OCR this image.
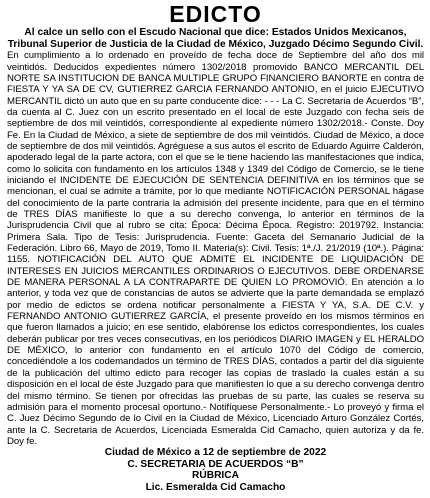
EDICTO

Al calce un sello con el Escudo Nacional que dice: Estados Unidos Mexicanos, Tribunal Superior de Justicia de la Ciudad de México, Juzgado Décimo Segundo Civil.

En cumplimiento a lo ordenado en proveído de fecha doce de Septiembre del año dos mil veintidós. Deducidos expedientes número 1302/2018 promovido BANCO MERCANTIL DEL NORTE SA INSTITUCION DE BANCA MULTIPLE GRUPO FINANCIERO BANORTE en contra de FIESTA Y YA SA DE CV, GUTIERREZ GARCIA FERNANDO ANTONIO, en el juicio EJECUTIVO MERCANTIL dictó un auto que en su parte conducente dice: - - - La C. Secretaria de Acuerdos “B”, da cuenta al C. Juez con un escrito presentado en el local de este Juzgado con fecha seis de septiembre de dos mil veintidós, correspondiente al expediente número 1302/2018.- Conste. Doy Fe. En la Ciudad de México, a siete de septiembre de dos mil veintidós. Ciudad de México, a doce de septiembre de dos mil veintidós. Agréguese a sus autos el escrito de Eduardo Aguirre Calderón, apoderado legal de la parte actora, con el que se le tiene haciendo las manifestaciones que indica, como lo solicita con fundamento en los artículos 1348 y 1349 del Código de Comercio, se le tiene iniciando el INCIDENTE DE EJECUCIÓN DE SENTENCIA DEFINITIVA en los términos que se mencionan, el cual se admite a trámite, por lo que mediante NOTIFICACIÓN PERSONAL hágase del conocimiento de la parte contraria la admisión del presente incidente, para que en el término de TRES DÍAS manifieste lo que a su derecho convenga, lo anterior en términos de la Jurisprudencia Civil que al rubro se cita: Época: Décima Época. Registro: 2019792. Instancia: Primera Sala. Tipo de Tesis: Jurisprudencia. Fuente: Gaceta del Semanario Judicial de la Federación. Libro 66, Mayo de 2019, Tomo II. Materia(s): Civil. Tesis: 1ª./J. 21/2019 (10ª.). Página: 1155. NOTIFICACIÓN DEL AUTO QUE ADMITE EL INCIDENTE DE LIQUIDACIÓN DE INTERESES EN JUICIOS MERCANTILES ORDINARIOS O EJECUTIVOS. DEBE ORDENARSE DE MANERA PERSONAL A LA CONTRAPARTE DE QUIEN LO PROMOVIÓ. En atención a lo anterior, y toda vez que de constancias de autos se advierte que la parte demandada se emplazó por medio de edictos se ordena notificar personalmente a FIESTA Y YA, S.A. DE C.V. y FERNANDO ANTONIO GUTIERREZ GARCÍA, el presente proveído en los mismos términos en que fueron llamados a juicio; en ese sentido, elabórense los edictos correspondientes, los cuales deberán publicar por tres veces consecutivas, en los periódicos DIARIO IMAGEN y EL HERALDO DE MÉXICO, lo anterior con fundamento en el artículo 1070 del Código de comercio, concediéndole a los codemandados un término de TRES DÍAS, contados a partir del día siguiente de la publicación del ultimo edicto para recoger las copias de traslado la cuales están a su disposición en el local de éste Juzgado para que manifiesten lo que a su derecho convenga dentro del mismo término. Se tienen por ofrecidas las pruebas de su parte, las cuales se reserva su admisión para el momento procesal oportuno.- Notifíquese Personalmente.- Lo proveyó y firma el C. Juez Décimo Segundo de lo Civil en la Ciudad de México, Licenciado Arturo González Cortés, ante la C. Secretaria de Acuerdos, Licenciada Esmeralda Cid Camacho, quien autoriza y da fe. Doy fe.

Ciudad de México a 12 de septiembre de 2022

C. SECRETARIA DE ACUERDOS “B”

RÚBRICA

Lic. Esmeralda Cid Camacho
